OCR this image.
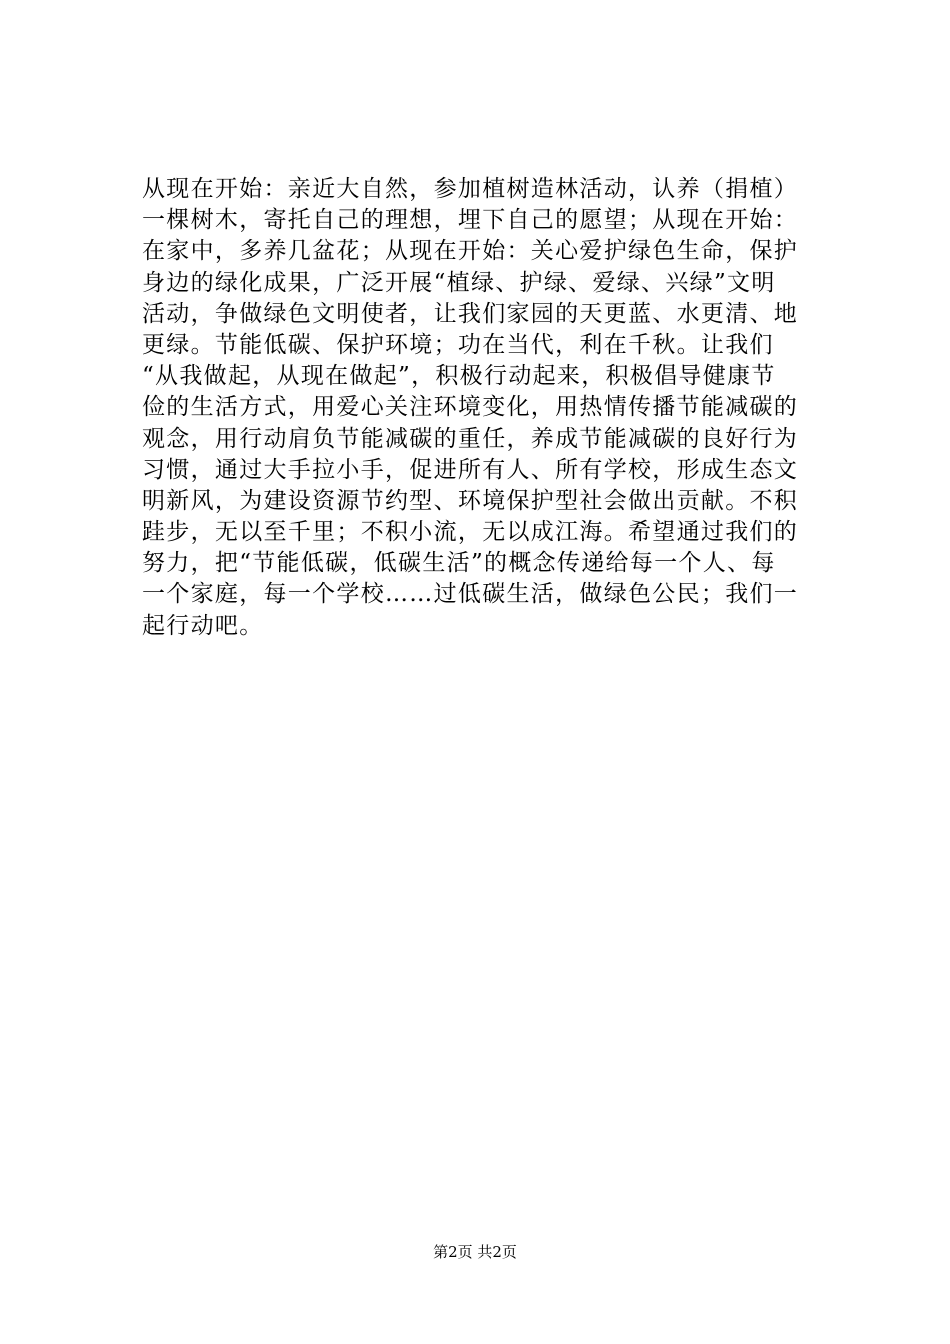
从现在开始：亲近大自然，参加植树造林活动，认养（捐植）
一棵树木，寄托自己的理想，埋下自己的愿望；从现在开始：
在家中，多养几盆花；从现在开始：关心爱护绿色生命，保护
身边的绿化成果，广泛开展“植绿、护绿、爱绿、兴绿”文明
活动，争做绿色文明使者，让我们家园的天更蓝、水更清、地
更绿。节能低碳、保护环境；功在当代，利在千秋。让我们
“从我做起，从现在做起”，积极行动起来，积极倡导健康节
俭的生活方式，用爱心关注环境变化，用热情传播节能减碳的
观念，用行动肩负节能减碳的重任，养成节能减碳的良好行为
习惯，通过大手拉小手，促进所有人、所有学校，形成生态文
明新风，为建设资源节约型、环境保护型社会做出贡献。不积
跬步，无以至千里；不积小流，无以成江海。希望通过我们的
努力，把“节能低碳，低碳生活”的概念传递给每一个人、每
一个家庭，每一个学校……过低碳生活，做绿色公民；我们一
起行动吧。
第2页 共2页
